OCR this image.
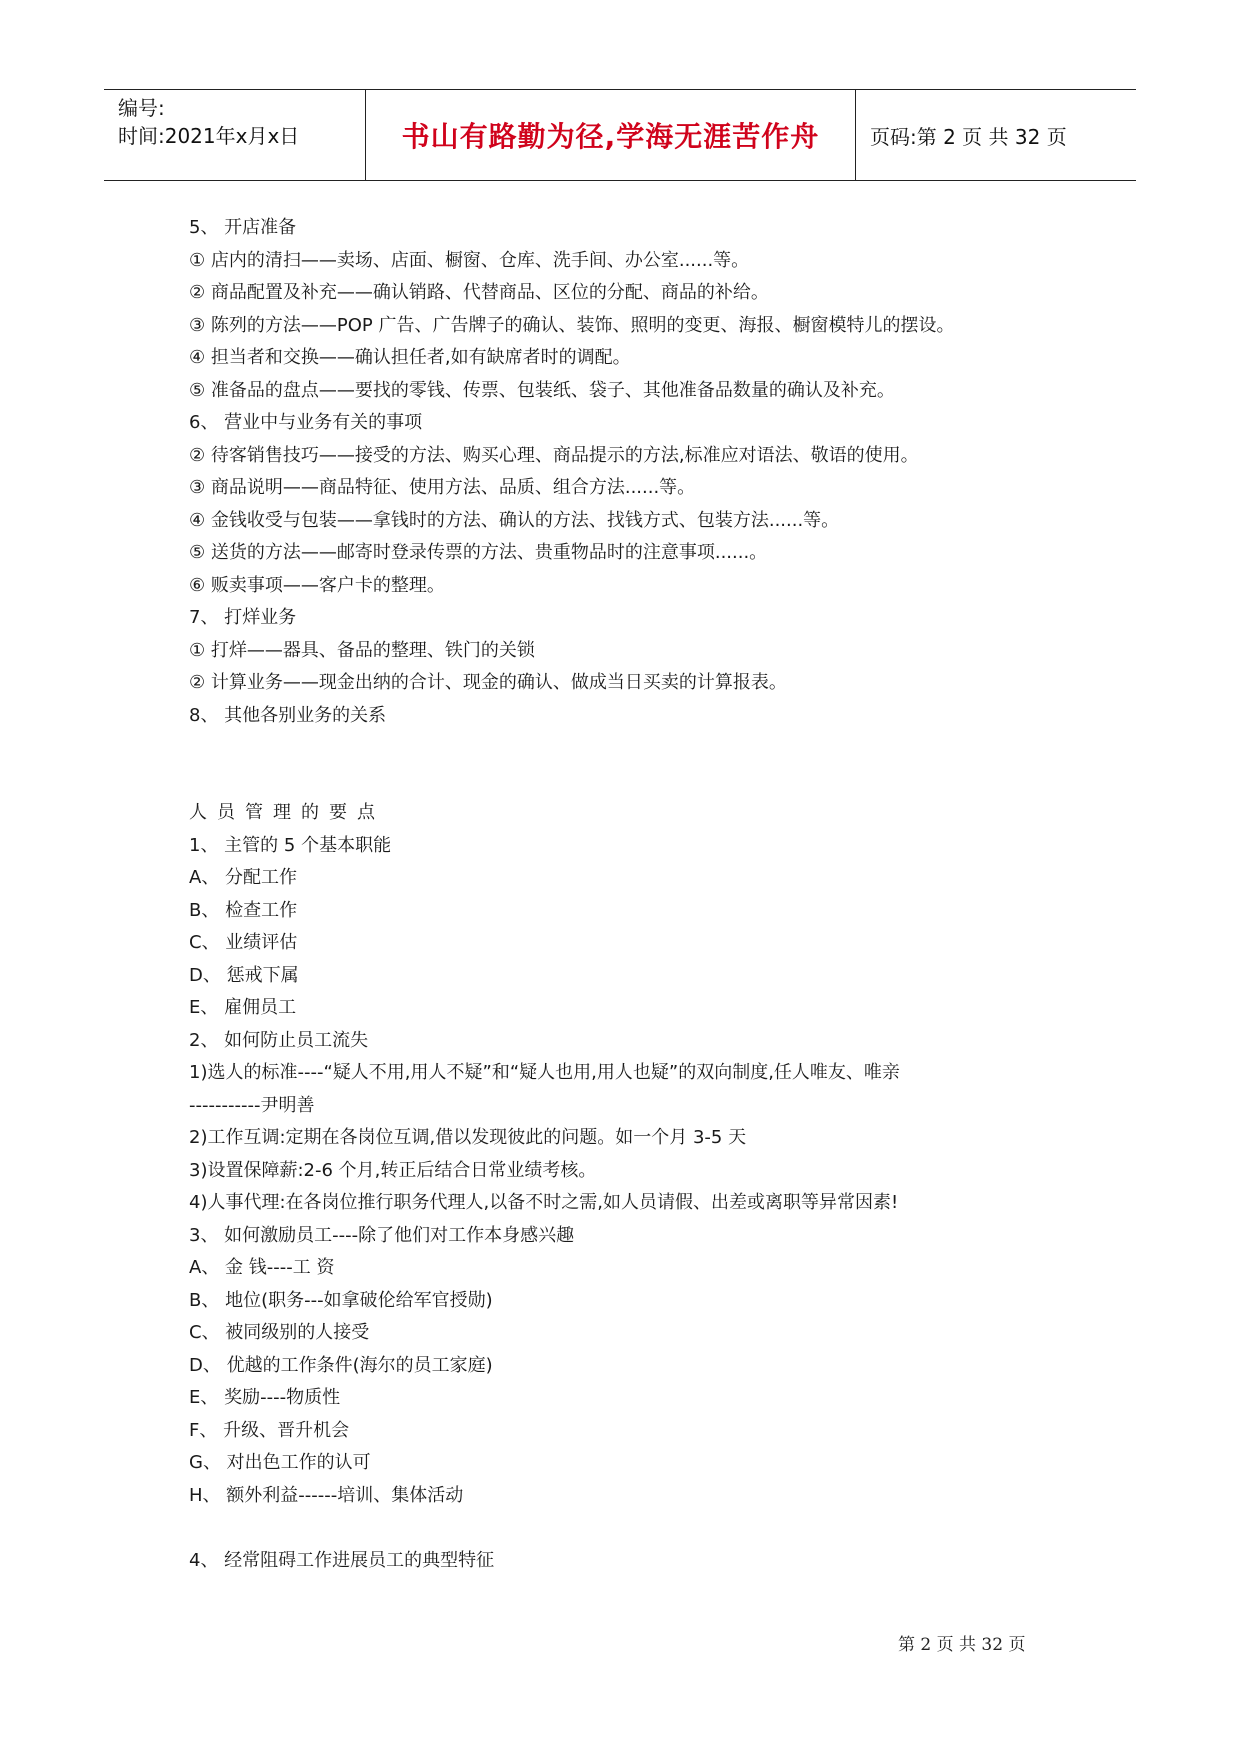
编号:
时间:2021年x月x日	书山有路勤为径,学海无涯苦作舟	页码:第 2 页 共 32 页
5、 开店准备
① 店内的清扫——卖场、店面、橱窗、仓库、洗手间、办公室......等。
② 商品配置及补充——确认销路、代替商品、区位的分配、商品的补给。
③ 陈列的方法——POP 广告、广告牌子的确认、装饰、照明的变更、海报、橱窗模特儿的摆设。
④ 担当者和交换——确认担任者,如有缺席者时的调配。
⑤ 准备品的盘点——要找的零钱、传票、包装纸、袋子、其他准备品数量的确认及补充。
6、 营业中与业务有关的事项
② 待客销售技巧——接受的方法、购买心理、商品提示的方法,标准应对语法、敬语的使用。
③ 商品说明——商品特征、使用方法、品质、组合方法......等。
④ 金钱收受与包装——拿钱时的方法、确认的方法、找钱方式、包装方法......等。
⑤ 送货的方法——邮寄时登录传票的方法、贵重物品时的注意事项......。
⑥ 贩卖事项——客户卡的整理。
7、 打烊业务
① 打烊——器具、备品的整理、铁门的关锁
② 计算业务——现金出纳的合计、现金的确认、做成当日买卖的计算报表。
8、 其他各别业务的关系
人员管理的要点
1、 主管的 5 个基本职能
A、 分配工作
B、 检查工作
C、 业绩评估
D、 惩戒下属
E、 雇佣员工
2、 如何防止员工流失
1)选人的标准----“疑人不用,用人不疑”和“疑人也用,用人也疑”的双向制度,任人唯友、唯亲
-----------尹明善
2)工作互调:定期在各岗位互调,借以发现彼此的问题。如一个月 3-5 天
3)设置保障薪:2-6 个月,转正后结合日常业绩考核。
4)人事代理:在各岗位推行职务代理人,以备不时之需,如人员请假、出差或离职等异常因素!
3、 如何激励员工----除了他们对工作本身感兴趣
A、 金 钱----工 资
B、 地位(职务---如拿破伦给军官授勋)
C、 被同级别的人接受
D、 优越的工作条件(海尔的员工家庭)
E、 奖励----物质性
F、 升级、晋升机会
G、 对出色工作的认可
H、 额外利益------培训、集体活动
4、 经常阻碍工作进展员工的典型特征
第 2 页 共 32 页
